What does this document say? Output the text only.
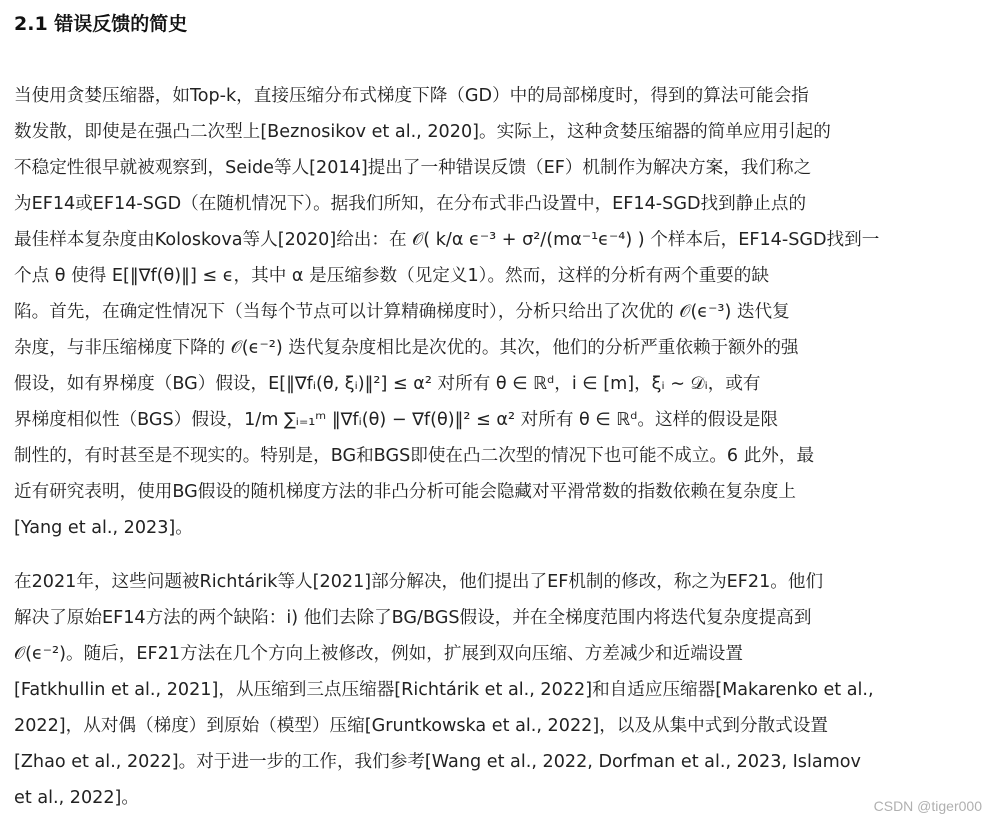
2.1 错误反馈的简史
当使用贪婪压缩器，如Top-k，直接压缩分布式梯度下降（GD）中的局部梯度时，得到的算法可能会指
数发散，即使是在强凸二次型上[Beznosikov et al., 2020]。实际上，这种贪婪压缩器的简单应用引起的
不稳定性很早就被观察到，Seide等人[2014]提出了一种错误反馈（EF）机制作为解决方案，我们称之
为EF14或EF14-SGD（在随机情况下）。据我们所知，在分布式非凸设置中，EF14-SGD找到静止点的
最佳样本复杂度由Koloskova等人[2020]给出：在 𝒪( k/α ϵ⁻³ + σ²/(mα⁻¹ϵ⁻⁴) ) 个样本后，EF14-SGD找到一
个点 θ 使得 E[‖∇f(θ)‖] ≤ ϵ，其中 α 是压缩参数（见定义1）。然而，这样的分析有两个重要的缺
陷。首先，在确定性情况下（当每个节点可以计算精确梯度时），分析只给出了次优的 𝒪(ϵ⁻³) 迭代复
杂度，与非压缩梯度下降的 𝒪(ϵ⁻²) 迭代复杂度相比是次优的。其次，他们的分析严重依赖于额外的强
假设，如有界梯度（BG）假设，E[‖∇fᵢ(θ, ξᵢ)‖²] ≤ α² 对所有 θ ∈ ℝᵈ，i ∈ [m]，ξᵢ ∼ 𝒟ᵢ，或有
界梯度相似性（BGS）假设，1/m ∑ᵢ₌₁ᵐ ‖∇fᵢ(θ) − ∇f(θ)‖² ≤ α² 对所有 θ ∈ ℝᵈ。这样的假设是限
制性的，有时甚至是不现实的。特别是，BG和BGS即使在凸二次型的情况下也可能不成立。6 此外，最
近有研究表明，使用BG假设的随机梯度方法的非凸分析可能会隐藏对平滑常数的指数依赖在复杂度上
[Yang et al., 2023]。
在2021年，这些问题被Richtárik等人[2021]部分解决，他们提出了EF机制的修改，称之为EF21。他们
解决了原始EF14方法的两个缺陷：i) 他们去除了BG/BGS假设，并在全梯度范围内将迭代复杂度提高到
𝒪(ϵ⁻²)。随后，EF21方法在几个方向上被修改，例如，扩展到双向压缩、方差减少和近端设置
[Fatkhullin et al., 2021]，从压缩到三点压缩器[Richtárik et al., 2022]和自适应压缩器[Makarenko et al.,
2022]，从对偶（梯度）到原始（模型）压缩[Gruntkowska et al., 2022]，以及从集中式到分散式设置
[Zhao et al., 2022]。对于进一步的工作，我们参考[Wang et al., 2022, Dorfman et al., 2023, Islamov
et al., 2022]。	CSDN @tiger000
